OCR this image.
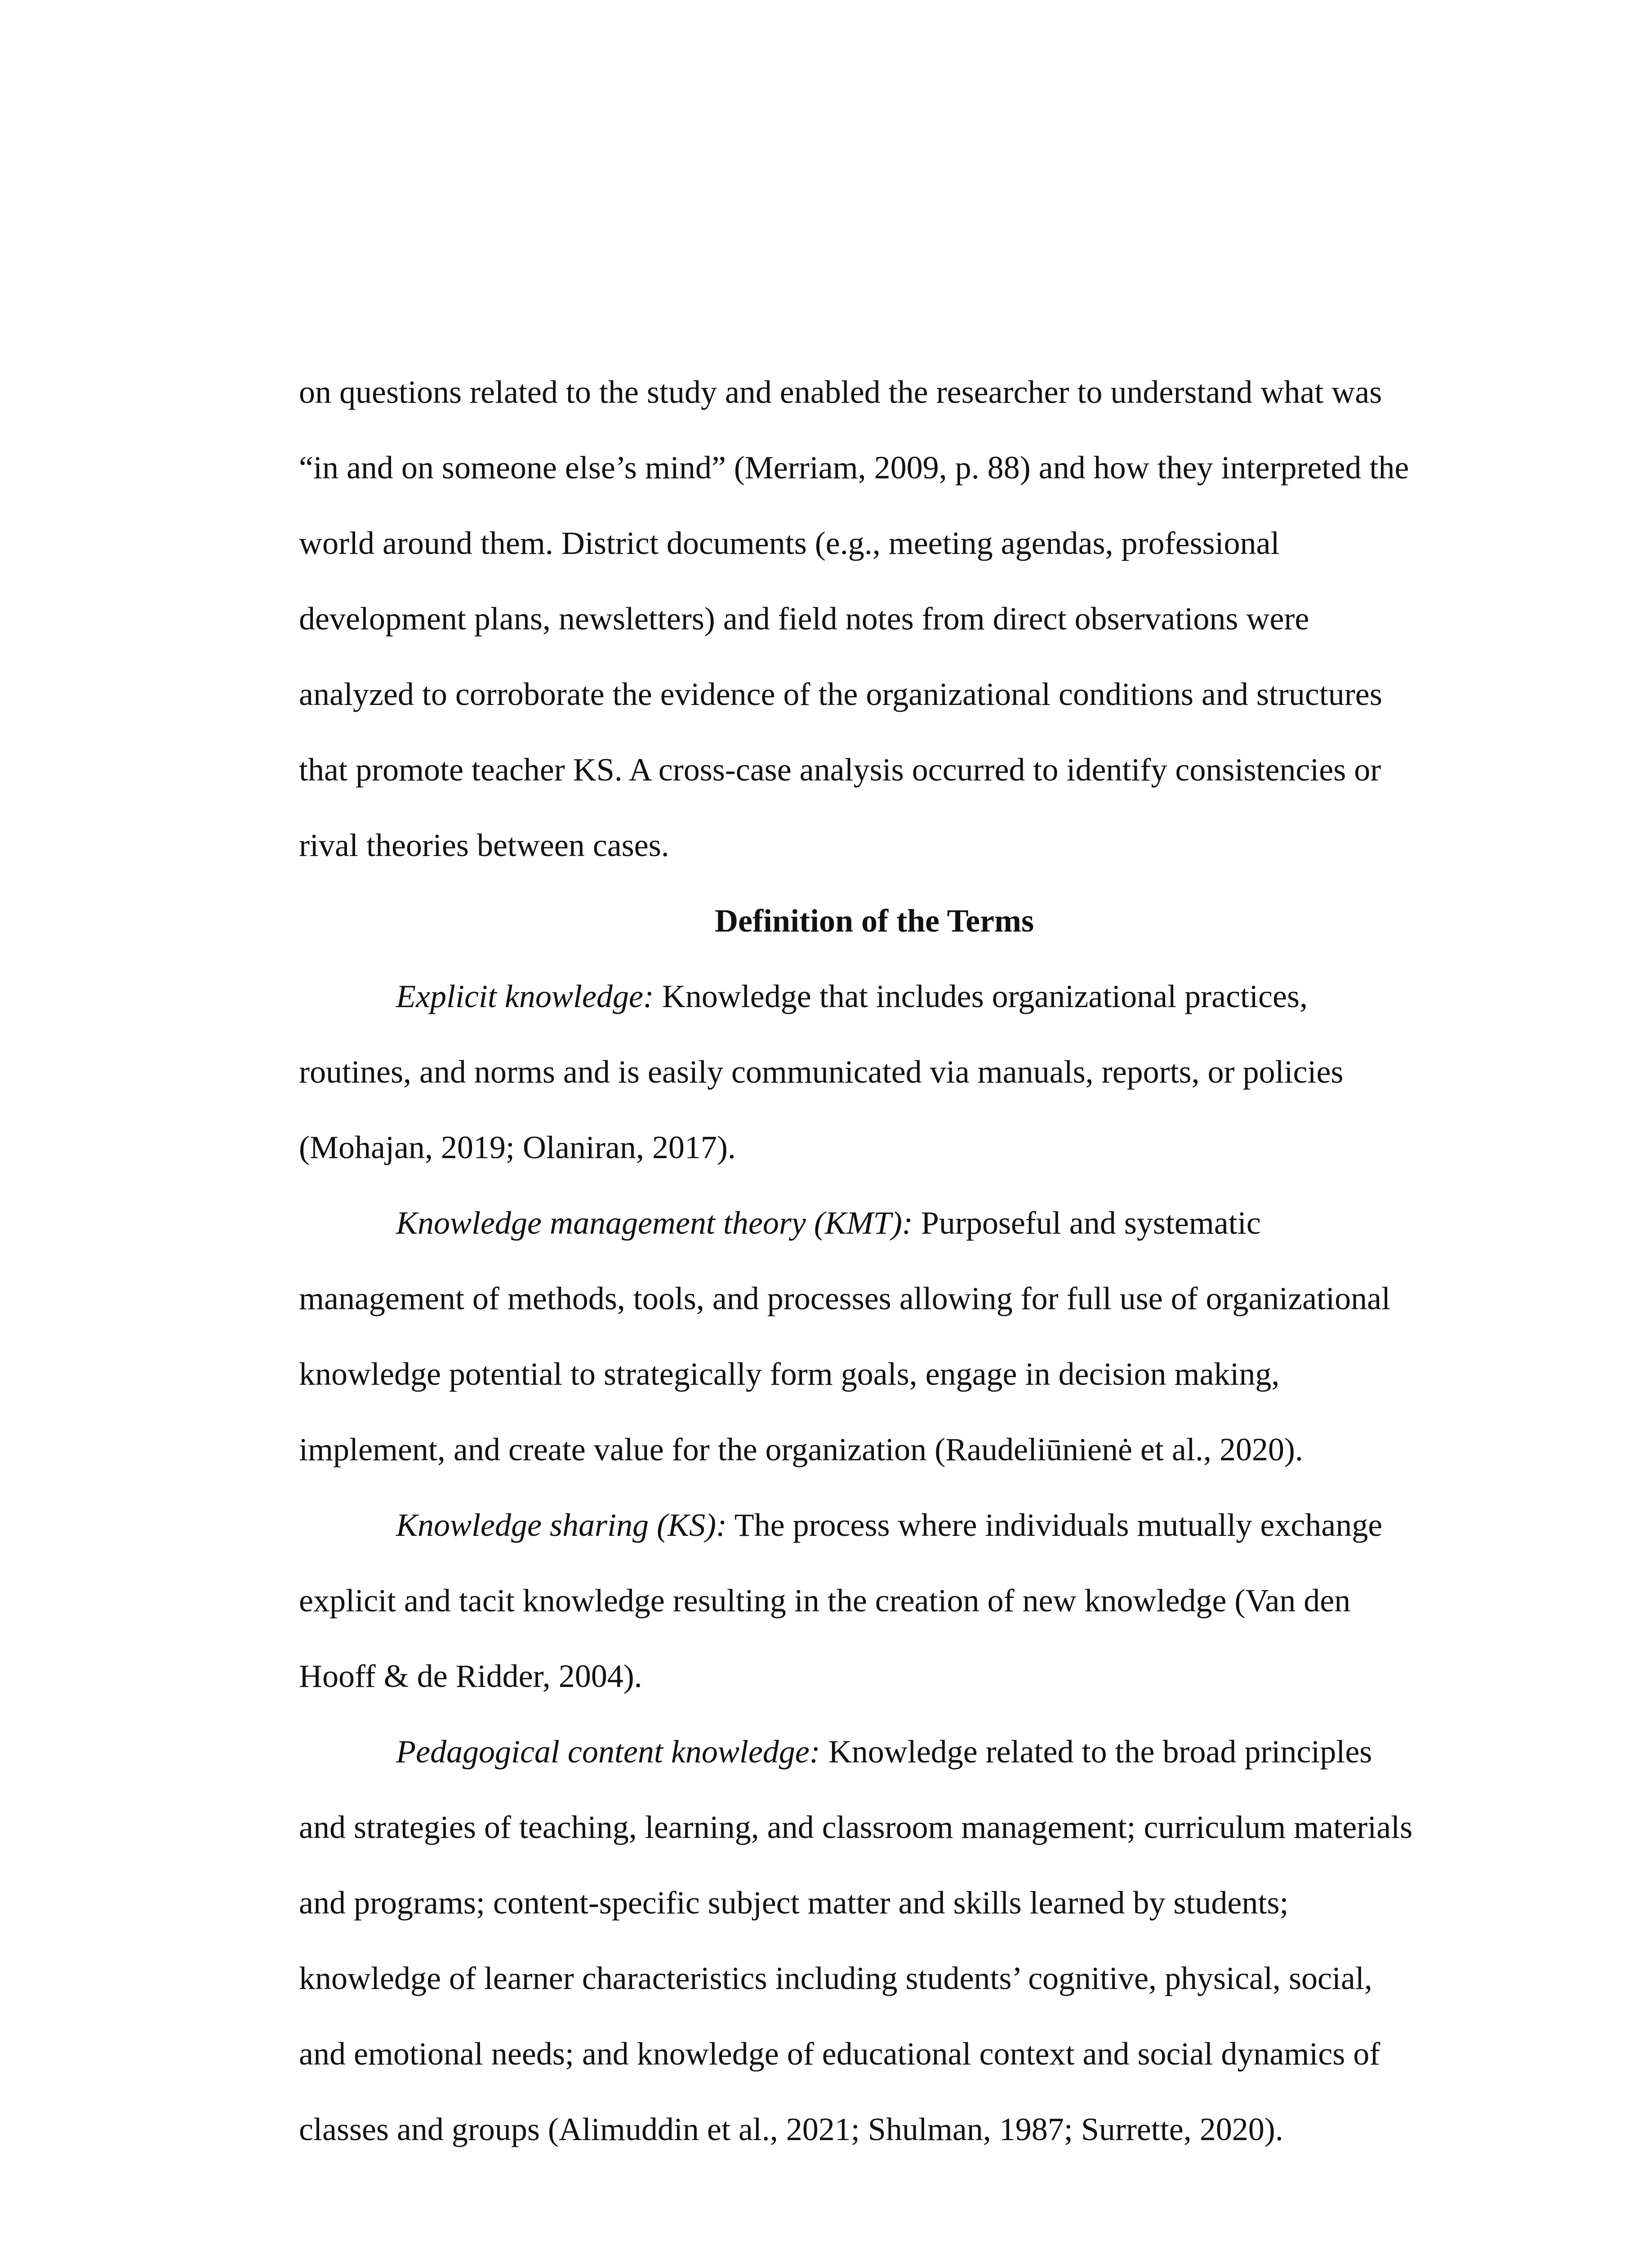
on questions related to the study and enabled the researcher to understand what was
“in and on someone else’s mind” (Merriam, 2009, p. 88) and how they interpreted the
world around them. District documents (e.g., meeting agendas, professional
development plans, newsletters) and field notes from direct observations were
analyzed to corroborate the evidence of the organizational conditions and structures
that promote teacher KS. A cross-case analysis occurred to identify consistencies or
rival theories between cases.
Definition of the Terms
Explicit knowledge: Knowledge that includes organizational practices,
routines, and norms and is easily communicated via manuals, reports, or policies
(Mohajan, 2019; Olaniran, 2017).
Knowledge management theory (KMT): Purposeful and systematic
management of methods, tools, and processes allowing for full use of organizational
knowledge potential to strategically form goals, engage in decision making,
implement, and create value for the organization (Raudeliūnienė et al., 2020).
Knowledge sharing (KS): The process where individuals mutually exchange
explicit and tacit knowledge resulting in the creation of new knowledge (Van den
Hooff & de Ridder, 2004).
Pedagogical content knowledge: Knowledge related to the broad principles
and strategies of teaching, learning, and classroom management; curriculum materials
and programs; content-specific subject matter and skills learned by students;
knowledge of learner characteristics including students’ cognitive, physical, social,
and emotional needs; and knowledge of educational context and social dynamics of
classes and groups (Alimuddin et al., 2021; Shulman, 1987; Surrette, 2020).
